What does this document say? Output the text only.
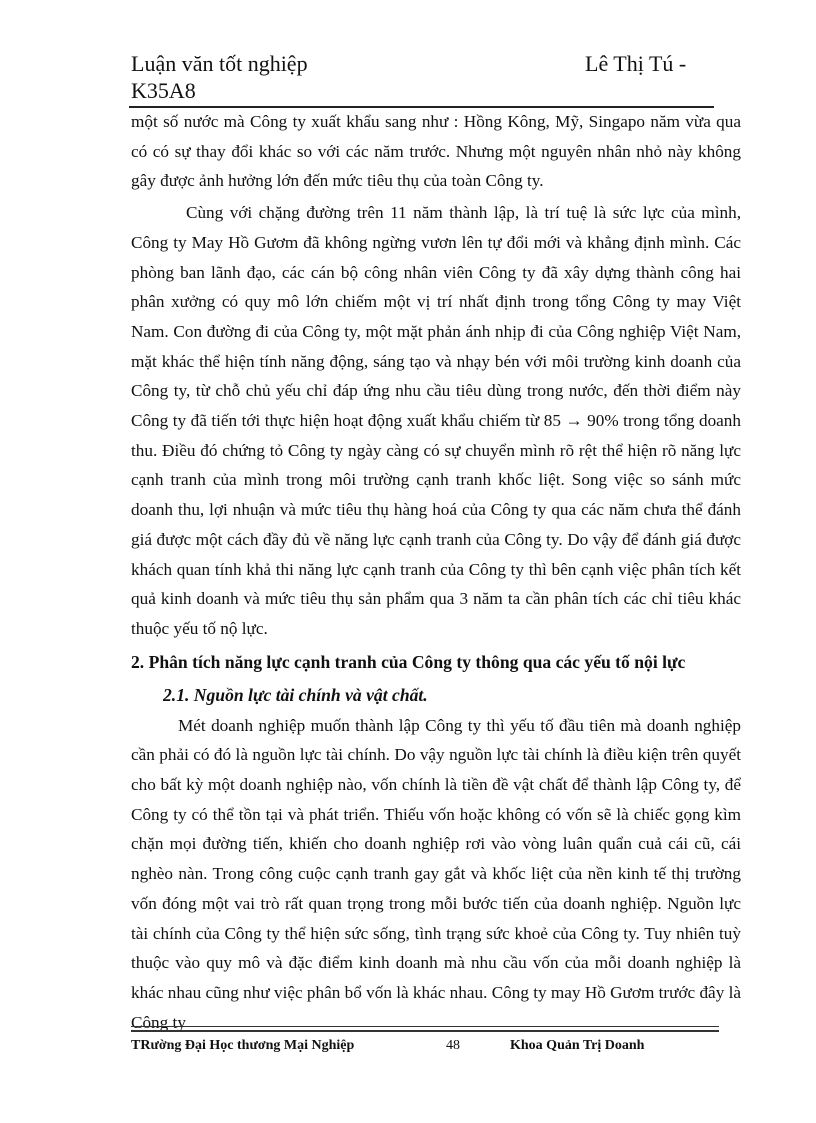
Luận văn tốt nghiệp	Lê Thị Tú -
K35A8

một số nước mà Công ty xuất khẩu sang như : Hồng Kông, Mỹ, Singapo năm vừa qua có có sự thay đổi khác so với các năm trước. Nhưng một nguyên nhân nhỏ này không gây được ảnh hưởng lớn đến mức tiêu thụ của toàn Công ty.

Cùng với chặng đường trên 11 năm thành lập, là trí tuệ là sức lực của mình, Công ty May Hồ Gươm đã không ngừng vươn lên tự đổi mới và khẳng định mình. Các phòng ban lãnh đạo, các cán bộ công nhân viên Công ty đã xây dựng thành công hai phân xưởng có quy mô lớn chiếm một vị trí nhất định trong tổng Công ty may Việt Nam. Con đường đi của Công ty, một mặt phản ánh nhịp đi của Công nghiệp Việt Nam, mặt khác thể hiện tính năng động, sáng tạo và nhạy bén với môi trường kinh doanh của Công ty, từ chỗ chủ yếu chỉ đáp ứng nhu cầu tiêu dùng trong nước, đến thời điểm này Công ty đã tiến tới thực hiện hoạt động xuất khẩu chiếm từ 85 → 90% trong tổng doanh thu. Điều đó chứng tỏ Công ty ngày càng có sự chuyển mình rõ rệt thể hiện rõ năng lực cạnh tranh của mình trong môi trường cạnh tranh khốc liệt. Song việc so sánh mức doanh thu, lợi nhuận và mức tiêu thụ hàng hoá của Công ty qua các năm chưa thể đánh giá được một cách đầy đủ về năng lực cạnh tranh của Công ty. Do vậy để đánh giá được khách quan tính khả thi năng lực cạnh tranh của Công ty thì bên cạnh việc phân tích kết quả kinh doanh và mức tiêu thụ sản phẩm qua 3 năm ta cần phân tích các chỉ tiêu khác thuộc yếu tố nộ lực.

2. Phân tích năng lực cạnh tranh của Công ty thông qua các yếu tố nội lực

2.1. Nguồn lực tài chính và vật chất.

Mét doanh nghiệp muốn thành lập Công ty thì yếu tố đầu tiên mà doanh nghiệp cần phải có đó là nguồn lực tài chính. Do vậy nguồn lực tài chính là điều kiện trên quyết cho bất kỳ một doanh nghiệp nào, vốn chính là tiền đề vật chất để thành lập Công ty, để Công ty có thể tồn tại và phát triển. Thiếu vốn hoặc không có vốn sẽ là chiếc gọng kìm chặn mọi đường tiến, khiến cho doanh nghiệp rơi vào vòng luân quẩn cuả cái cũ, cái nghèo nàn. Trong công cuộc cạnh tranh gay gắt và khốc liệt của nền kinh tế thị trường vốn đóng một vai trò rất quan trọng trong mỗi bước tiến của doanh nghiệp. Nguồn lực tài chính của Công ty thể hiện sức sống, tình trạng sức khoẻ của Công ty. Tuy nhiên tuỳ thuộc vào quy mô và đặc điểm kinh doanh mà nhu cầu vốn của mỗi doanh nghiệp là khác nhau cũng như việc phân bổ vốn là khác nhau. Công ty may Hồ Gươm trước đây là Công ty

TRường Đại Học thương Mại Nghiệp	48	Khoa Quản Trị Doanh
